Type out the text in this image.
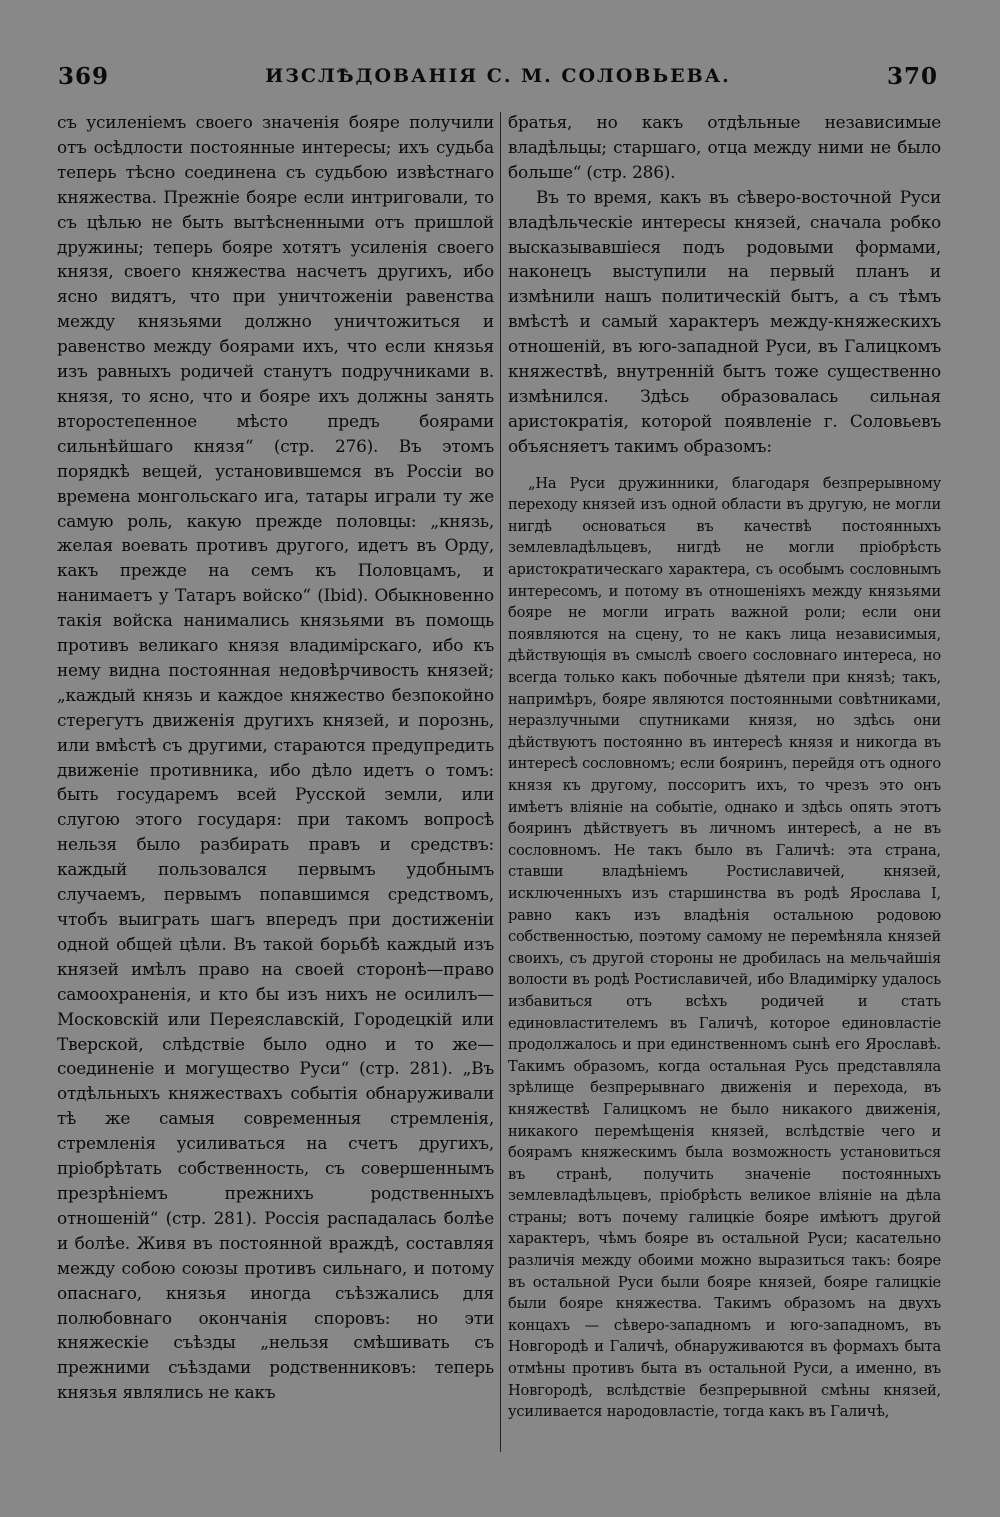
369	ИЗСЛѢДОВАНІЯ С. М. СОЛОВЬЕВА.	370

съ усиленіемъ своего значенія бояре получили отъ осѣдлости постоянные интересы; ихъ судьба теперь тѣсно соединена съ судьбою извѣстнаго княжества. Прежніе бояре если интриговали, то съ цѣлью не быть вытѣсненными отъ пришлой дружины; теперь бояре хотятъ усиленія своего князя, своего княжества насчетъ другихъ, ибо ясно видятъ, что при уничтоженіи равенства между князьями должно уничтожиться и равенство между боярами ихъ, что если князья изъ равныхъ родичей станутъ подручниками в. князя, то ясно, что и бояре ихъ должны занять второстепенное мѣсто предъ боярами сильнѣйшаго князя“ (стр. 276). Въ этомъ порядкѣ вещей, установившемся въ Россіи во времена монгольскаго ига, татары играли ту же самую роль, какую прежде половцы: „князь, желая воевать противъ другого, идетъ въ Орду, какъ прежде на семъ къ Половцамъ, и нанимаетъ у Татаръ войско“ (Ibid). Обыкновенно такія войска нанимались князьями въ помощь противъ великаго князя владимірскаго, ибо къ нему видна постоянная недовѣрчивость князей; „каждый князь и каждое княжество безпокойно стерегутъ движенія другихъ князей, и порознь, или вмѣстѣ съ другими, стараются предупредить движеніе противника, ибо дѣло идетъ о томъ: быть государемъ всей Русской земли, или слугою этого государя: при такомъ вопросѣ нельзя было разбирать правъ и средствъ: каждый пользовался первымъ удобнымъ случаемъ, первымъ попавшимся средствомъ, чтобъ выиграть шагъ впередъ при достиженіи одной общей цѣли. Въ такой борьбѣ каждый изъ князей имѣлъ право на своей сторонѣ—право самоохраненія, и кто бы изъ нихъ не осилилъ—Московскій или Переяславскій, Городецкій или Тверской, слѣдствіе было одно и то же—соединеніе и могущество Руси“ (стр. 281). „Въ отдѣльныхъ княжествахъ событія обнаруживали тѣ же самыя современныя стремленія, стремленія усиливаться на счетъ другихъ, пріобрѣтать собственность, съ совершеннымъ презрѣніемъ прежнихъ родственныхъ отношеній“ (стр. 281). Россія распадалась болѣе и болѣе. Живя въ постоянной враждѣ, составляя между собою союзы противъ сильнаго, и потому опаснаго, князья иногда съѣзжались для полюбовнаго окончанія споровъ: но эти княжескіе съѣзды „нельзя смѣшивать съ прежними съѣздами родственниковъ: теперь князья являлись не какъ

братья, но какъ отдѣльные независимые владѣльцы; старшаго, отца между ними не было больше“ (стр. 286).

Въ то время, какъ въ сѣверо-восточной Руси владѣльческіе интересы князей, сначала робко высказывавшіеся подъ родовыми формами, наконецъ выступили на первый планъ и измѣнили нашъ политическій бытъ, а съ тѣмъ вмѣстѣ и самый характеръ между-княжескихъ отношеній, въ юго-западной Руси, въ Галицкомъ княжествѣ, внутренній бытъ тоже существенно измѣнился. Здѣсь образовалась сильная аристократія, которой появленіе г. Соловьевъ объясняетъ такимъ образомъ:

„На Руси дружинники, благодаря безпрерывному переходу князей изъ одной области въ другую, не могли нигдѣ основаться въ качествѣ постоянныхъ землевладѣльцевъ, нигдѣ не могли пріобрѣсть аристократическаго характера, съ особымъ сословнымъ интересомъ, и потому въ отношеніяхъ между князьями бояре не могли играть важной роли; если они появляются на сцену, то не какъ лица независимыя, дѣйствующія въ смыслѣ своего сословнаго интереса, но всегда только какъ побочные дѣятели при князѣ; такъ, напримѣръ, бояре являются постоянными совѣтниками, неразлучными спутниками князя, но здѣсь они дѣйствуютъ постоянно въ интересѣ князя и никогда въ интересѣ сословномъ; если бояринъ, перейдя отъ одного князя къ другому, поссоритъ ихъ, то чрезъ это онъ имѣетъ вліяніе на событіе, однако и здѣсь опять этотъ бояринъ дѣйствуетъ въ личномъ интересѣ, а не въ сословномъ. Не такъ было въ Галичѣ: эта страна, ставши владѣніемъ Ростиславичей, князей, исключенныхъ изъ старшинства въ родѣ Ярослава I, равно какъ изъ владѣнія остальною родовою собственностью, поэтому самому не перемѣняла князей своихъ, съ другой стороны не дробилась на мельчайшія волости въ родѣ Ростиславичей, ибо Владимірку удалось избавиться отъ всѣхъ родичей и стать единовластителемъ въ Галичѣ, которое единовластіе продолжалось и при единственномъ сынѣ его Ярославѣ. Такимъ образомъ, когда остальная Русь представляла зрѣлище безпрерывнаго движенія и перехода, въ княжествѣ Галицкомъ не было никакого движенія, никакого перемѣщенія князей, вслѣдствіе чего и боярамъ княжескимъ была возможность установиться въ странѣ, получить значеніе постоянныхъ землевладѣльцевъ, пріобрѣсть великое вліяніе на дѣла страны; вотъ почему галицкіе бояре имѣютъ другой характеръ, чѣмъ бояре въ остальной Руси; касательно различія между обоими можно выразиться такъ: бояре въ остальной Руси были бояре князей, бояре галицкіе были бояре княжества. Такимъ образомъ на двухъ концахъ — сѣверо-западномъ и юго-западномъ, въ Новгородѣ и Галичѣ, обнаруживаются въ формахъ быта отмѣны противъ быта въ остальной Руси, а именно, въ Новгородѣ, вслѣдствіе безпрерывной смѣны князей, усиливается народовластіе, тогда какъ въ Галичѣ,
